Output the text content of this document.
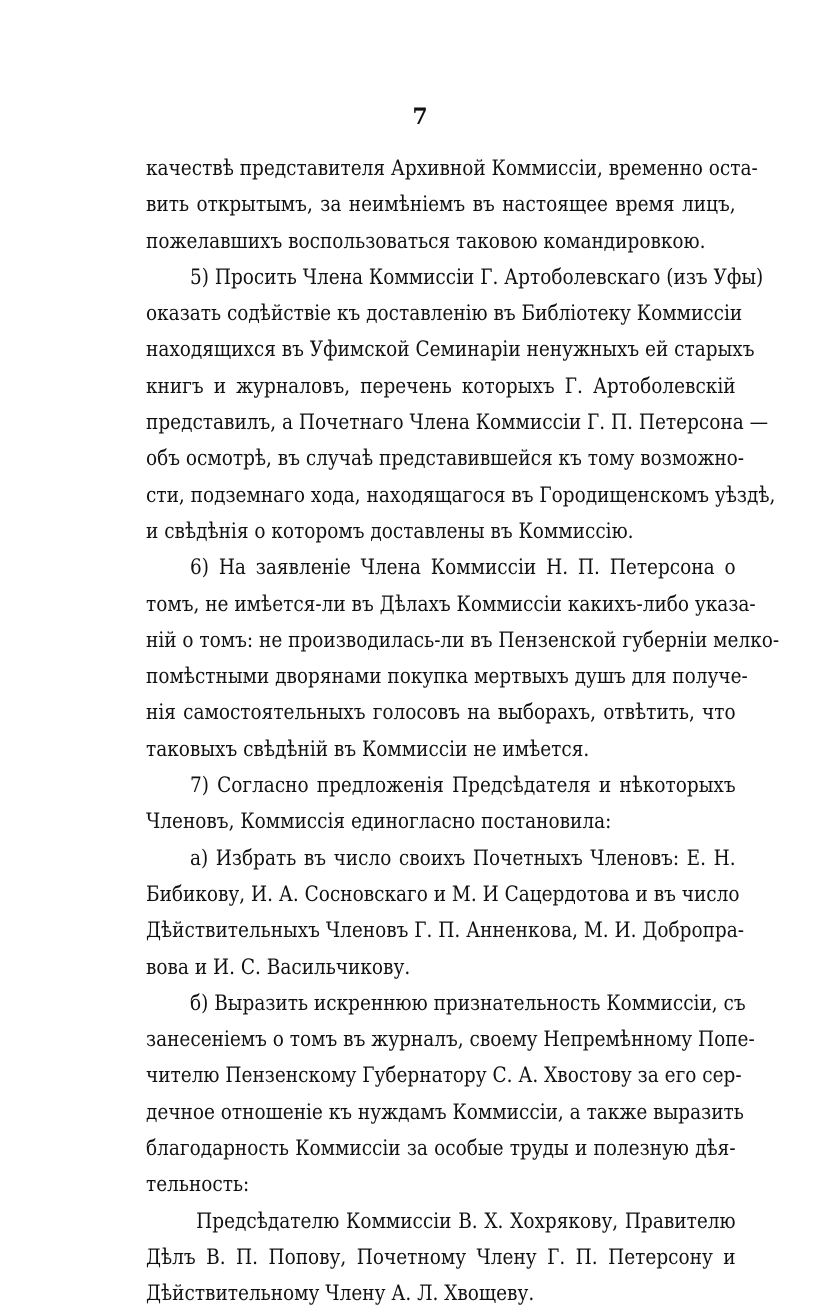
7
качествѣ представителя Архивной Коммиссіи, временно оста-
вить открытымъ, за неимѣніемъ въ настоящее время лицъ,
пожелавшихъ воспользоваться таковою командировкою.
5) Просить Члена Коммиссіи Г. Артоболевскаго (изъ Уфы)
оказать содѣйствіе къ доставленію въ Библіотеку Коммиссіи
находящихся въ Уфимской Семинаріи ненужныхъ ей старыхъ
книгъ и журналовъ, перечень которыхъ Г. Артоболевскій
представилъ, а Почетнаго Члена Коммиссіи Г. П. Петерсона —
объ осмотрѣ, въ случаѣ представившейся къ тому возможно-
сти, подземнаго хода, находящагося въ Городищенскомъ уѣздѣ,
и свѣдѣнія о которомъ доставлены въ Коммиссію.
6) На заявленіе Члена Коммиссіи Н. П. Петерсона о
томъ, не имѣется-ли въ Дѣлахъ Коммиссіи какихъ-либо указа-
ній о томъ: не производилась-ли въ Пензенской губерніи мелко-
помѣстными дворянами покупка мертвыхъ душъ для получе-
нія самостоятельныхъ голосовъ на выборахъ, отвѣтить, что
таковыхъ свѣдѣній въ Коммиссіи не имѣется.
7) Согласно предложенія Предсѣдателя и нѣкоторыхъ
Членовъ, Коммиссія единогласно постановила:
а) Избрать въ число своихъ Почетныхъ Членовъ: Е. Н.
Бибикову, И. А. Сосновскаго и М. И Сацердотова и въ число
Дѣйствительныхъ Членовъ Г. П. Анненкова, М. И. Добропра-
вова и И. С. Васильчикову.
б) Выразить искреннюю признательность Коммиссіи, съ
занесеніемъ о томъ въ журналъ, своему Непремѣнному Попе-
чителю Пензенскому Губернатору С. А. Хвостову за его сер-
дечное отношеніе къ нуждамъ Коммиссіи, а также выразить
благодарность Коммиссіи за особые труды и полезную дѣя-
тельность:
Предсѣдателю Коммиссіи В. Х. Хохрякову, Правителю
Дѣлъ В. П. Попову, Почетному Члену Г. П. Петерсону и
Дѣйствительному Члену А. Л. Хвощеву.
